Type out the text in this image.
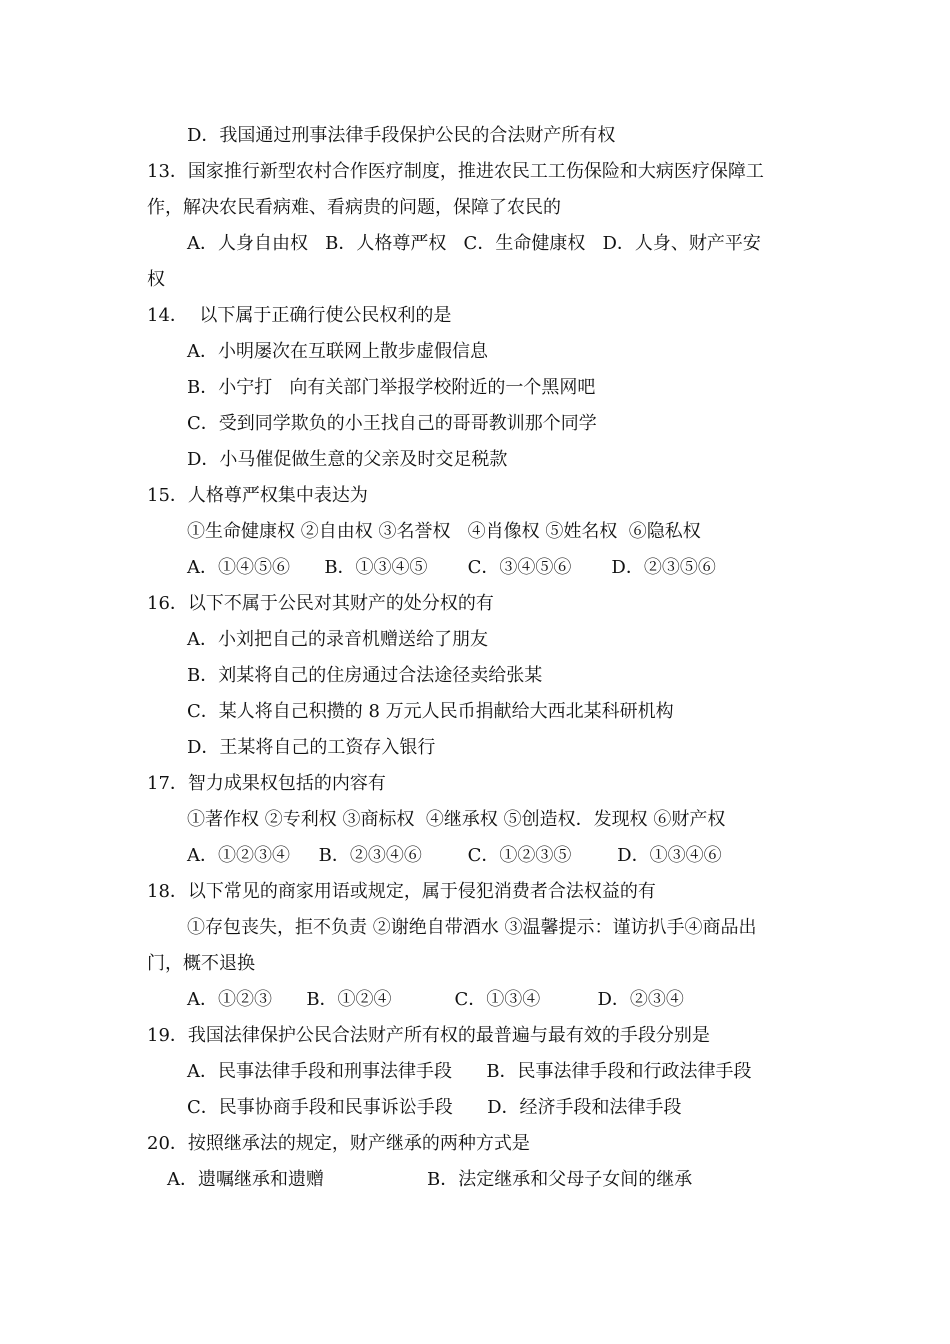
D．我国通过刑事法律手段保护公民的合法财产所有权
13．国家推行新型农村合作医疗制度，推进农民工工伤保险和大病医疗保障工
作，解决农民看病难、看病贵的问题，保障了农民的
A．人身自由权   B．人格尊严权   C．生命健康权   D．人身、财产平安
权
14．  以下属于正确行使公民权利的是
A．小明屡次在互联网上散步虚假信息
B．小宁打   向有关部门举报学校附近的一个黑网吧
C．受到同学欺负的小王找自己的哥哥教训那个同学
D．小马催促做生意的父亲及时交足税款
15．人格尊严权集中表达为
①生命健康权 ②自由权 ③名誉权   ④肖像权 ⑤姓名权  ⑥隐私权
A．①④⑤⑥      B．①③④⑤       C．③④⑤⑥       D．②③⑤⑥
16．以下不属于公民对其财产的处分权的有
A．小刘把自己的录音机赠送给了朋友
B．刘某将自己的住房通过合法途径卖给张某
C．某人将自己积攒的 8 万元人民币捐献给大西北某科研机构
D．王某将自己的工资存入银行
17．智力成果权包括的内容有
①著作权 ②专利权 ③商标权  ④继承权 ⑤创造权．发现权 ⑥财产权
A．①②③④     B．②③④⑥        C．①②③⑤        D．①③④⑥
18．以下常见的商家用语或规定，属于侵犯消费者合法权益的有
①存包丧失，拒不负责 ②谢绝自带酒水 ③温馨提示：谨访扒手④商品出
门，概不退换
A．①②③      B．①②④           C．①③④          D．②③④
19．我国法律保护公民合法财产所有权的最普遍与最有效的手段分别是
A．民事法律手段和刑事法律手段      B．民事法律手段和行政法律手段
C．民事协商手段和民事诉讼手段      D．经济手段和法律手段
20．按照继承法的规定，财产继承的两种方式是
A．遗嘱继承和遗赠                  B．法定继承和父母子女间的继承
